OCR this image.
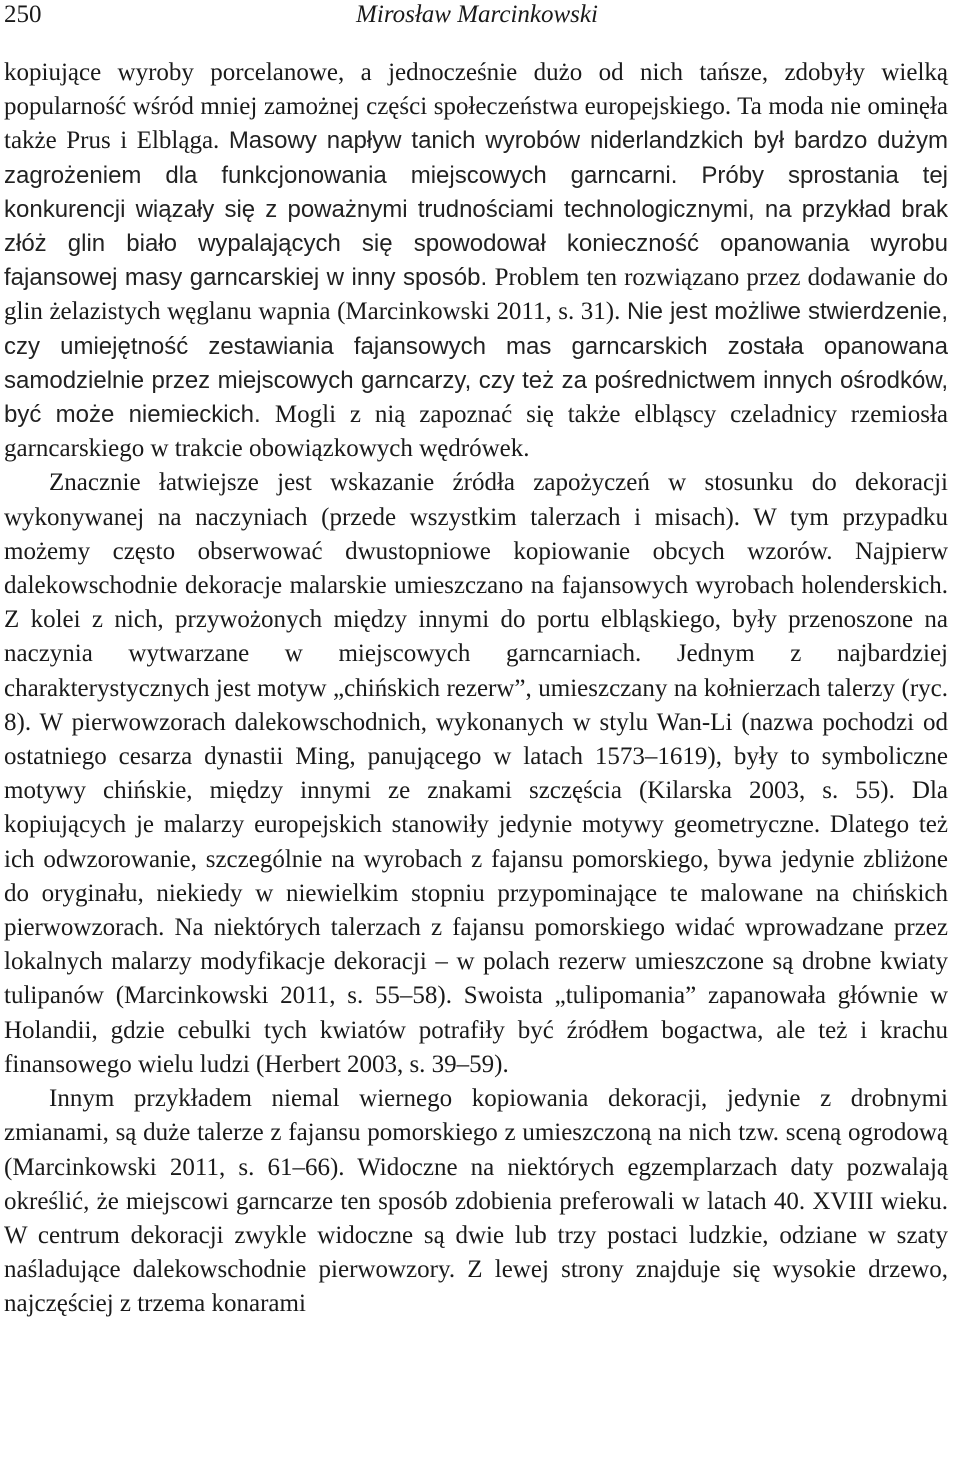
250	Mirosław Marcinkowski

kopiujące wyroby porcelanowe, a jednocześnie dużo od nich tańsze, zdobyły wielką popularność wśród mniej zamożnej części społeczeństwa europejskiego. Ta moda nie ominęła także Prus i Elbląga. Masowy napływ tanich wyrobów niderlandzkich był bardzo dużym zagrożeniem dla funkcjonowania miejscowych garncarni. Próby sprostania tej konkurencji wiązały się z poważnymi trudnościami technologicznymi, na przykład brak złóż glin biało wypalających się spowodował konieczność opanowania wyrobu fajansowej masy garncarskiej w inny sposób. Problem ten rozwiązano przez dodawanie do glin żelazistych węglanu wapnia (Marcinkowski 2011, s. 31). Nie jest możliwe stwierdzenie, czy umiejętność zestawiania fajansowych mas garncarskich została opanowana samodzielnie przez miejscowych garncarzy, czy też za pośrednictwem innych ośrodków, być może niemieckich. Mogli z nią zapoznać się także elbląscy czeladnicy rzemiosła garncarskiego w trakcie obowiązkowych wędrówek.

Znacznie łatwiejsze jest wskazanie źródła zapożyczeń w stosunku do dekoracji wykonywanej na naczyniach (przede wszystkim talerzach i misach). W tym przypadku możemy często obserwować dwustopniowe kopiowanie obcych wzorów. Najpierw dalekowschodnie dekoracje malarskie umieszczano na fajansowych wyrobach holenderskich. Z kolei z nich, przywożonych między innymi do portu elbląskiego, były przenoszone na naczynia wytwarzane w miejscowych garncarniach. Jednym z najbardziej charakterystycznych jest motyw „chińskich rezerw”, umieszczany na kołnierzach talerzy (ryc. 8). W pierwowzorach dalekowschodnich, wykonanych w stylu Wan-Li (nazwa pochodzi od ostatniego cesarza dynastii Ming, panującego w latach 1573–1619), były to symboliczne motywy chińskie, między innymi ze znakami szczęścia (Kilarska 2003, s. 55). Dla kopiujących je malarzy europejskich stanowiły jedynie motywy geometryczne. Dlatego też ich odwzorowanie, szczególnie na wyrobach z fajansu pomorskiego, bywa jedynie zbliżone do oryginału, niekiedy w niewielkim stopniu przypominające te malowane na chińskich pierwowzorach. Na niektórych talerzach z fajansu pomorskiego widać wprowadzane przez lokalnych malarzy modyfikacje dekoracji – w polach rezerw umieszczone są drobne kwiaty tulipanów (Marcinkowski 2011, s. 55–58). Swoista „tulipomania” zapanowała głównie w Holandii, gdzie cebulki tych kwiatów potrafiły być źródłem bogactwa, ale też i krachu finansowego wielu ludzi (Herbert 2003, s. 39–59).

Innym przykładem niemal wiernego kopiowania dekoracji, jedynie z drobnymi zmianami, są duże talerze z fajansu pomorskiego z umieszczoną na nich tzw. sceną ogrodową (Marcinkowski 2011, s. 61–66). Widoczne na niektórych egzemplarzach daty pozwalają określić, że miejscowi garncarze ten sposób zdobienia preferowali w latach 40. XVIII wieku. W centrum dekoracji zwykle widoczne są dwie lub trzy postaci ludzkie, odziane w szaty naśladujące dalekowschodnie pierwowzory. Z lewej strony znajduje się wysokie drzewo, najczęściej z trzema konarami
